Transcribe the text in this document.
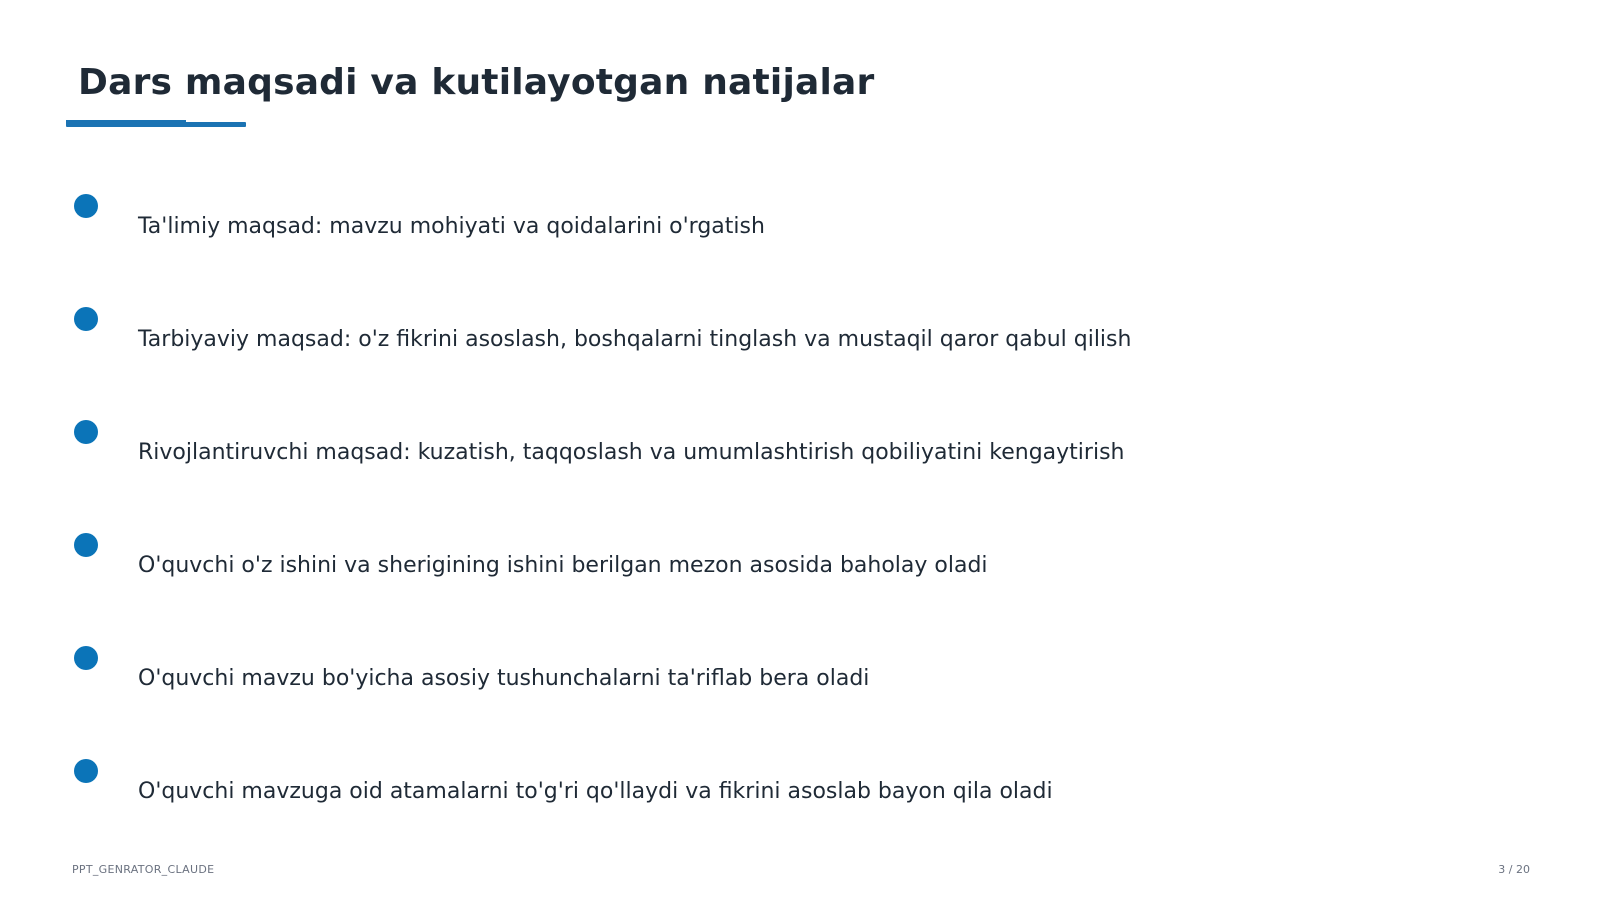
Dars maqsadi va kutilayotgan natijalar
Ta'limiy maqsad: mavzu mohiyati va qoidalarini o'rgatish
Tarbiyaviy maqsad: o'z fikrini asoslash, boshqalarni tinglash va mustaqil qaror qabul qilish
Rivojlantiruvchi maqsad: kuzatish, taqqoslash va umumlashtirish qobiliyatini kengaytirish
O'quvchi o'z ishini va sherigining ishini berilgan mezon asosida baholay oladi
O'quvchi mavzu bo'yicha asosiy tushunchalarni ta'riflab bera oladi
O'quvchi mavzuga oid atamalarni to'g'ri qo'llaydi va fikrini asoslab bayon qila oladi
PPT_GENRATOR_CLAUDE	3 / 20
